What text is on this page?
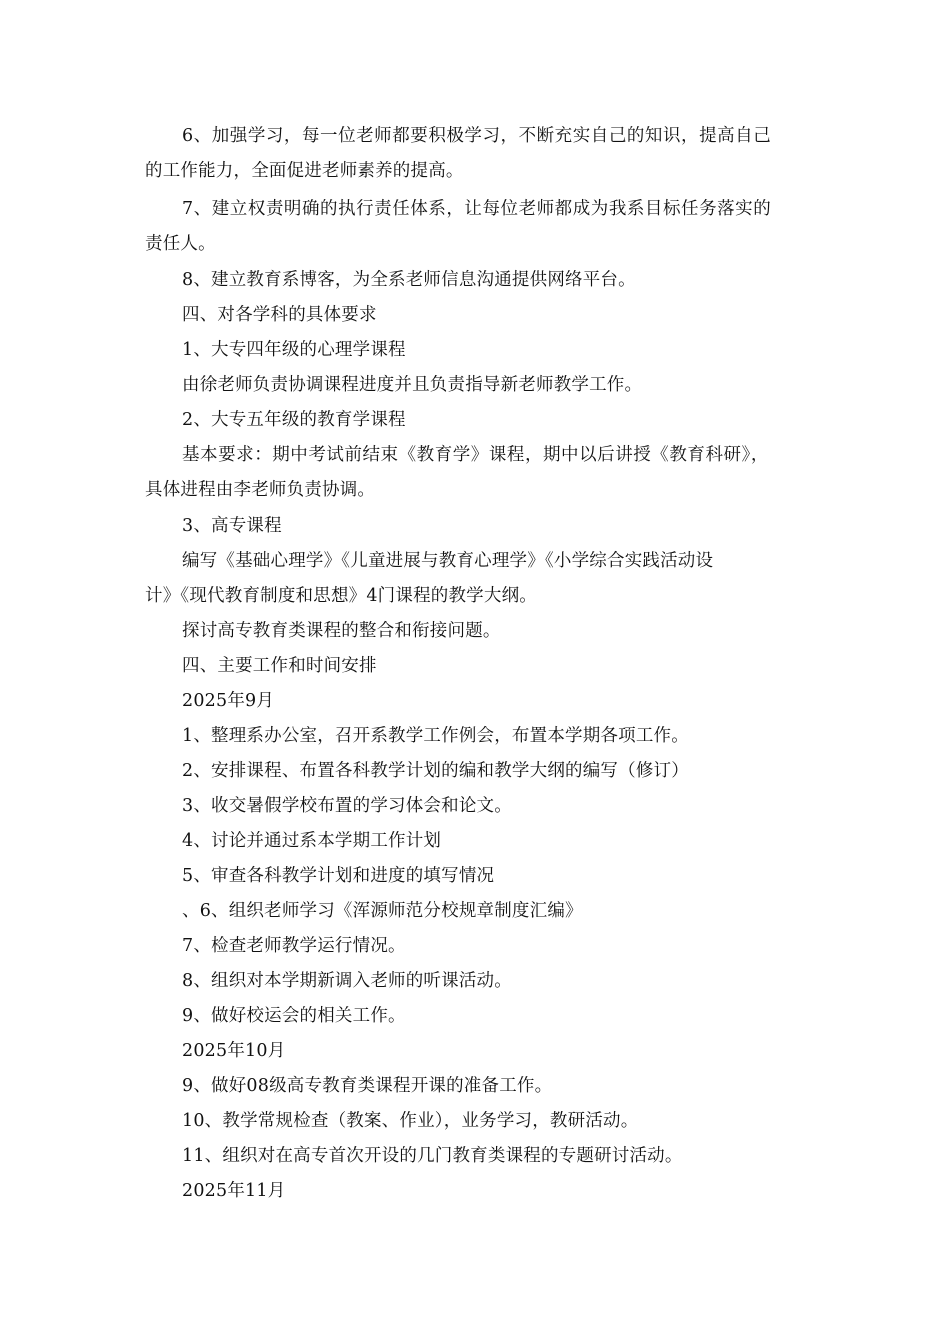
6、加强学习，每一位老师都要积极学习，不断充实自己的知识，提高自己
的工作能力，全面促进老师素养的提高。
7、建立权责明确的执行责任体系，让每位老师都成为我系目标任务落实的
责任人。
8、建立教育系博客，为全系老师信息沟通提供网络平台。
四、对各学科的具体要求
1、大专四年级的心理学课程
由徐老师负责协调课程进度并且负责指导新老师教学工作。
2、大专五年级的教育学课程
基本要求：期中考试前结束《教育学》课程，期中以后讲授《教育科研》，
具体进程由李老师负责协调。
3、高专课程
编写《基础心理学》《儿童进展与教育心理学》《小学综合实践活动设
计》《现代教育制度和思想》4门课程的教学大纲。
探讨高专教育类课程的整合和衔接问题。
四、主要工作和时间安排
2025年9月
1、整理系办公室，召开系教学工作例会，布置本学期各项工作。
2、安排课程、布置各科教学计划的编和教学大纲的编写（修订）
3、收交暑假学校布置的学习体会和论文。
4、讨论并通过系本学期工作计划
5、审查各科教学计划和进度的填写情况
、6、组织老师学习《浑源师范分校规章制度汇编》
7、检查老师教学运行情况。
8、组织对本学期新调入老师的听课活动。
9、做好校运会的相关工作。
2025年10月
9、做好08级高专教育类课程开课的准备工作。
10、教学常规检查（教案、作业），业务学习，教研活动。
11、组织对在高专首次开设的几门教育类课程的专题研讨活动。
2025年11月
